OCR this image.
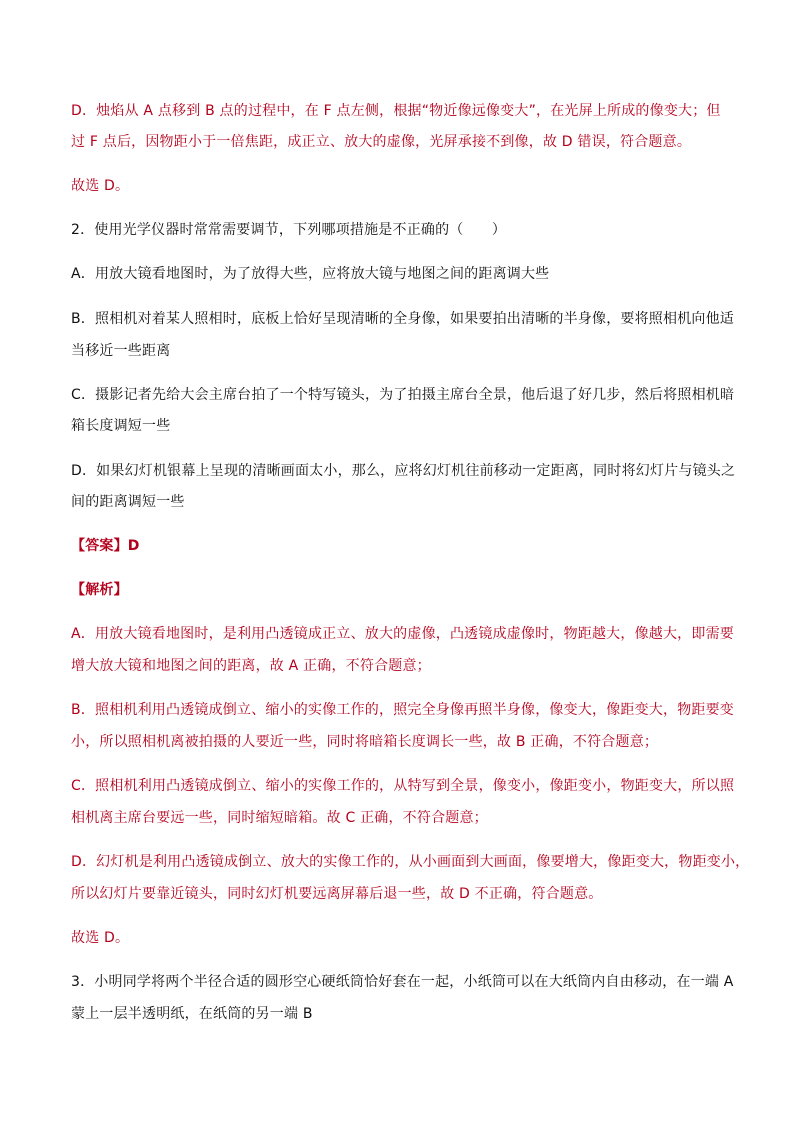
D．烛焰从 A 点移到 B 点的过程中，在 F 点左侧，根据“物近像远像变大”，在光屏上所成的像变大；但
过 F 点后，因物距小于一倍焦距，成正立、放大的虚像，光屏承接不到像，故 D 错误，符合题意。
故选 D。
2．使用光学仪器时常常需要调节，下列哪项措施是不正确的（　　）
A．用放大镜看地图时，为了放得大些，应将放大镜与地图之间的距离调大些
B．照相机对着某人照相时，底板上恰好呈现清晰的全身像，如果要拍出清晰的半身像，要将照相机向他适
当移近一些距离
C．摄影记者先给大会主席台拍了一个特写镜头，为了拍摄主席台全景，他后退了好几步，然后将照相机暗
箱长度调短一些
D．如果幻灯机银幕上呈现的清晰画面太小，那么，应将幻灯机往前移动一定距离，同时将幻灯片与镜头之
间的距离调短一些
【答案】D
【解析】
A．用放大镜看地图时，是利用凸透镜成正立、放大的虚像，凸透镜成虚像时，物距越大，像越大，即需要
增大放大镜和地图之间的距离，故 A 正确，不符合题意；
B．照相机利用凸透镜成倒立、缩小的实像工作的，照完全身像再照半身像，像变大，像距变大，物距要变
小，所以照相机离被拍摄的人要近一些，同时将暗箱长度调长一些，故 B 正确，不符合题意；
C．照相机利用凸透镜成倒立、缩小的实像工作的，从特写到全景，像变小，像距变小，物距变大，所以照
相机离主席台要远一些，同时缩短暗箱。故 C 正确，不符合题意；
D．幻灯机是利用凸透镜成倒立、放大的实像工作的，从小画面到大画面，像要增大，像距变大，物距变小，
所以幻灯片要靠近镜头，同时幻灯机要远离屏幕后退一些，故 D 不正确，符合题意。
故选 D。
3．小明同学将两个半径合适的圆形空心硬纸筒恰好套在一起，小纸筒可以在大纸筒内自由移动，在一端 A
蒙上一层半透明纸，在纸筒的另一端 B
